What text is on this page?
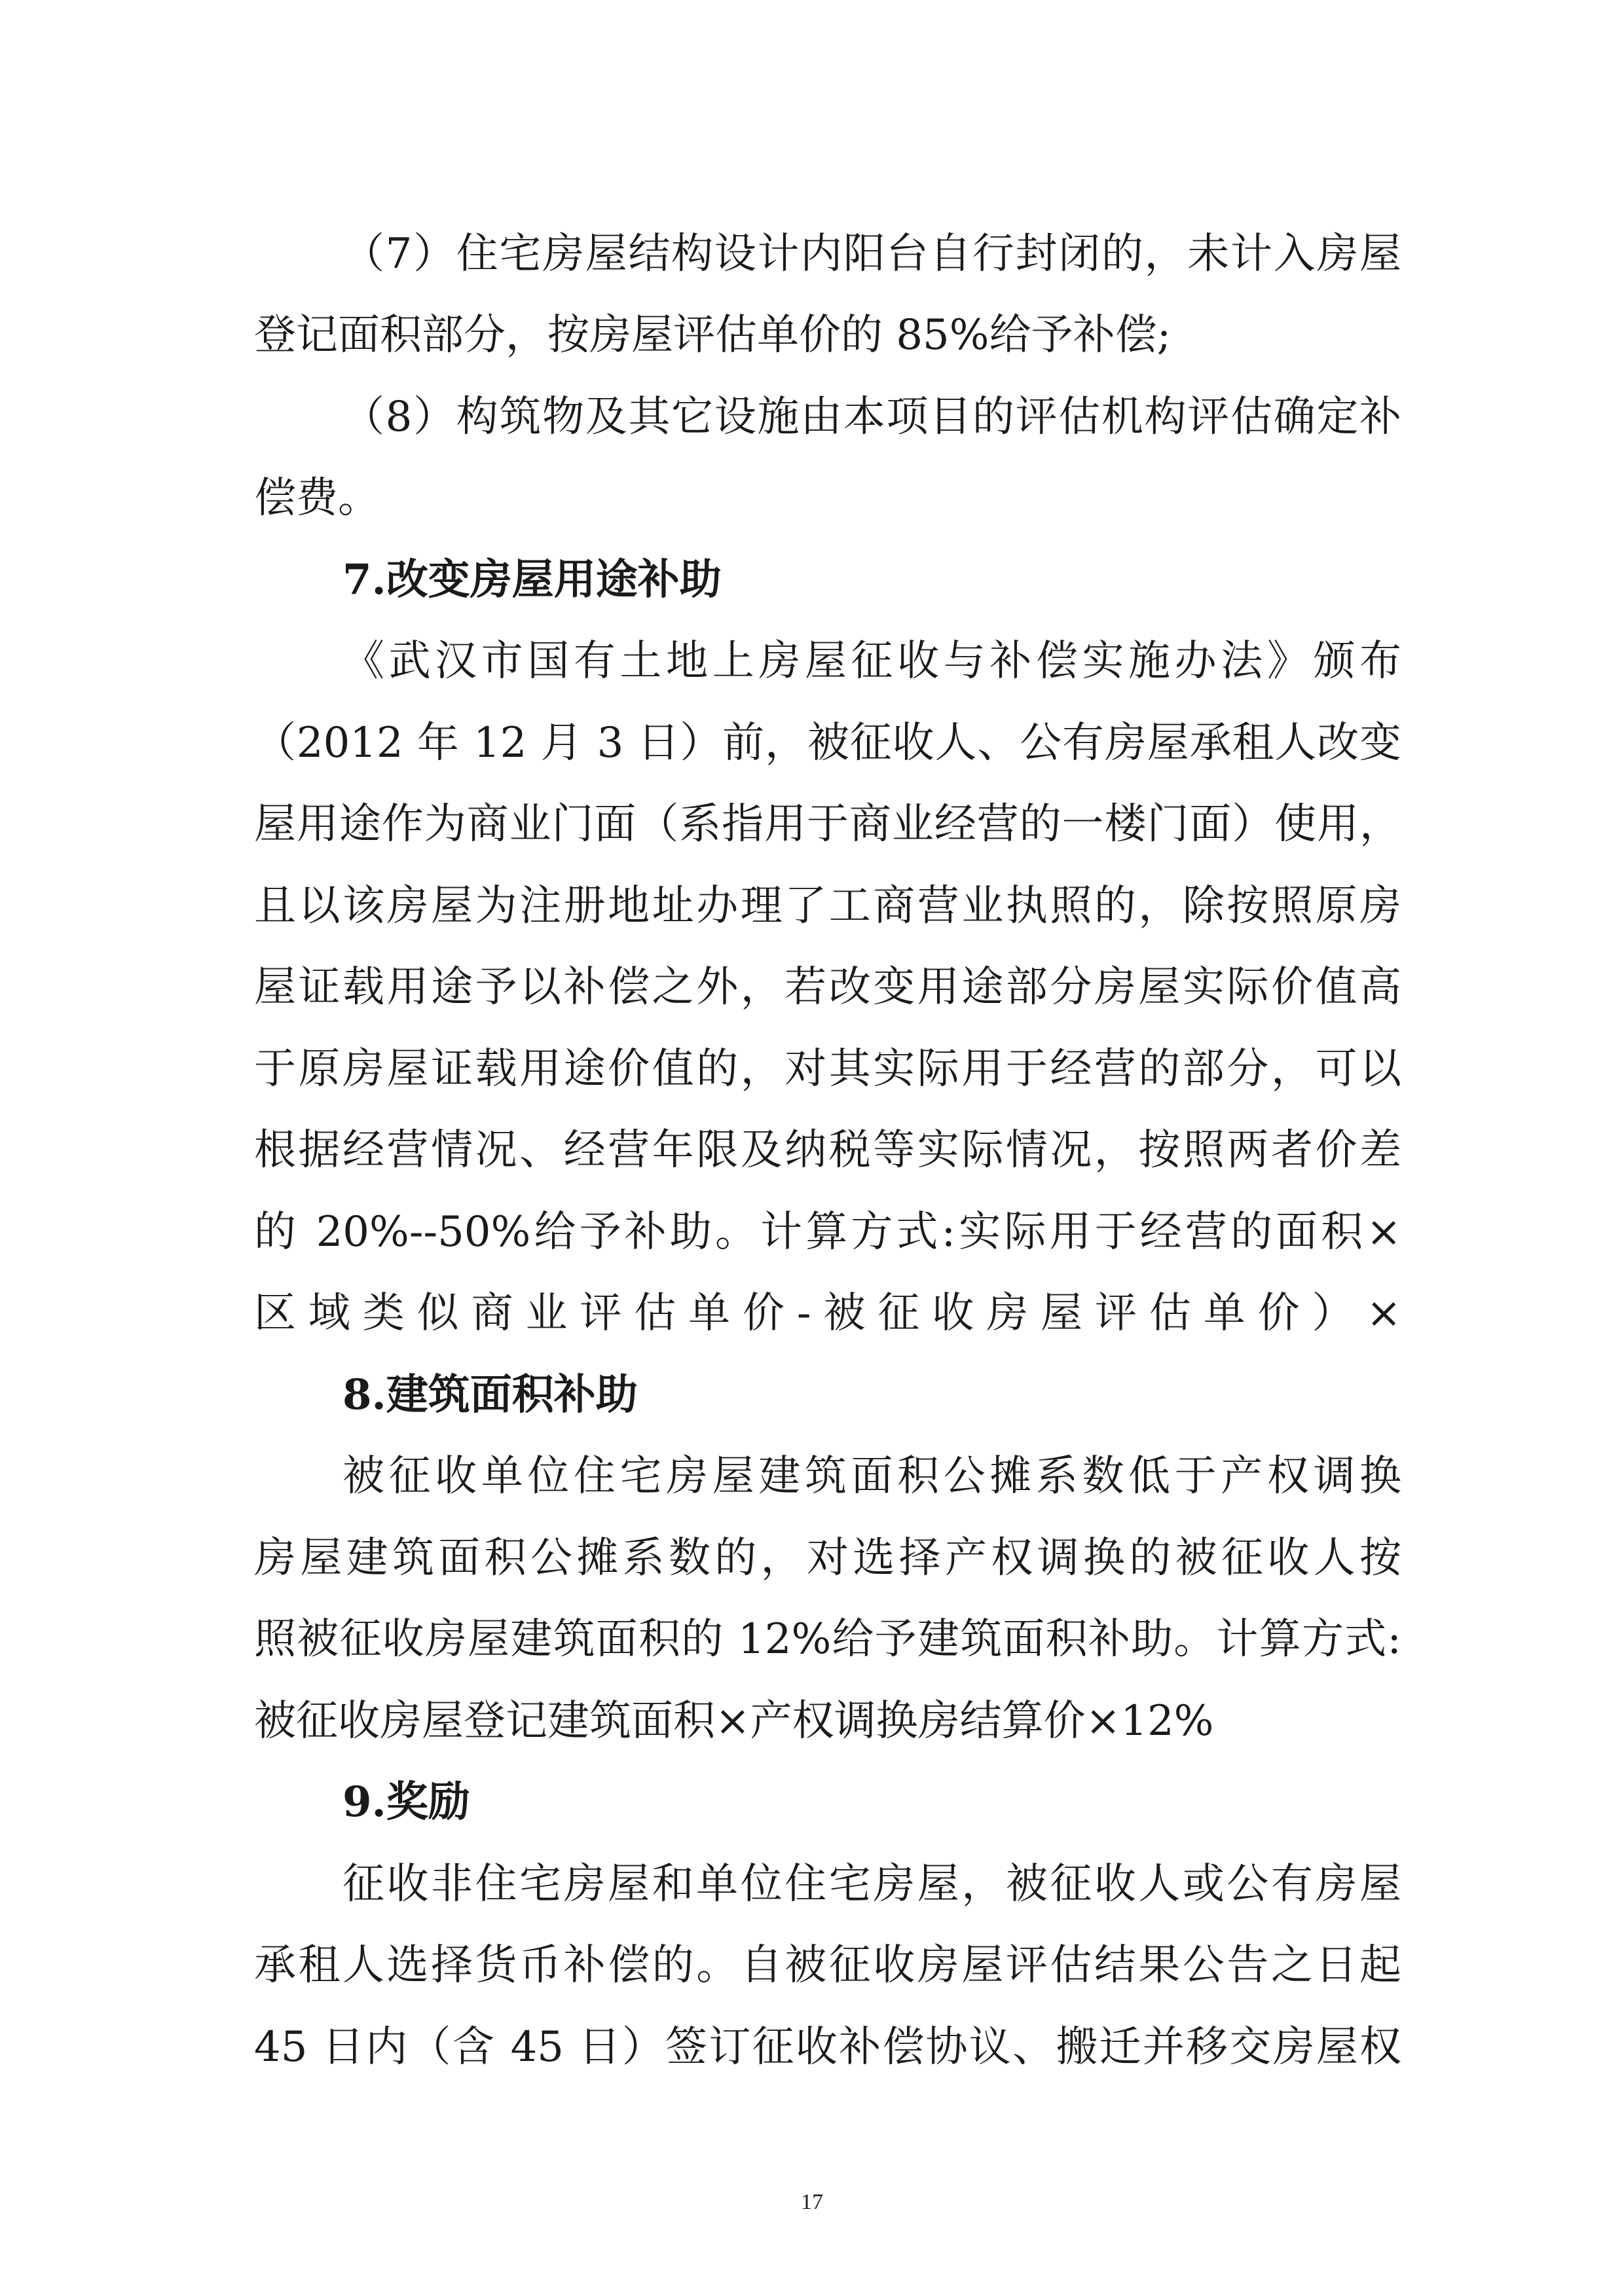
（7）住宅房屋结构设计内阳台自行封闭的，未计入房屋
登记面积部分，按房屋评估单价的 85%给予补偿;
（8）构筑物及其它设施由本项目的评估机构评估确定补
偿费。
7.改变房屋用途补助
《武汉市国有土地上房屋征收与补偿实施办法》颁布
（2012 年 12 月 3 日）前，被征收人、公有房屋承租人改变
屋用途作为商业门面（系指用于商业经营的一楼门面）使用，
且以该房屋为注册地址办理了工商营业执照的，除按照原房
屋证载用途予以补偿之外，若改变用途部分房屋实际价值高
于原房屋证载用途价值的，对其实际用于经营的部分，可以
根据经营情况、经营年限及纳税等实际情况，按照两者价差
的 20%--50%给予补助。计算方式:实际用于经营的面积×
区域类似商业评估单价-被征收房屋评估单价）×
8.建筑面积补助
被征收单位住宅房屋建筑面积公摊系数低于产权调换
房屋建筑面积公摊系数的，对选择产权调换的被征收人按
照被征收房屋建筑面积的 12%给予建筑面积补助。计算方式:
被征收房屋登记建筑面积×产权调换房结算价×12%
9.奖励
征收非住宅房屋和单位住宅房屋，被征收人或公有房屋
承租人选择货币补偿的。自被征收房屋评估结果公告之日起
45 日内（含 45 日）签订征收补偿协议、搬迁并移交房屋权
17
